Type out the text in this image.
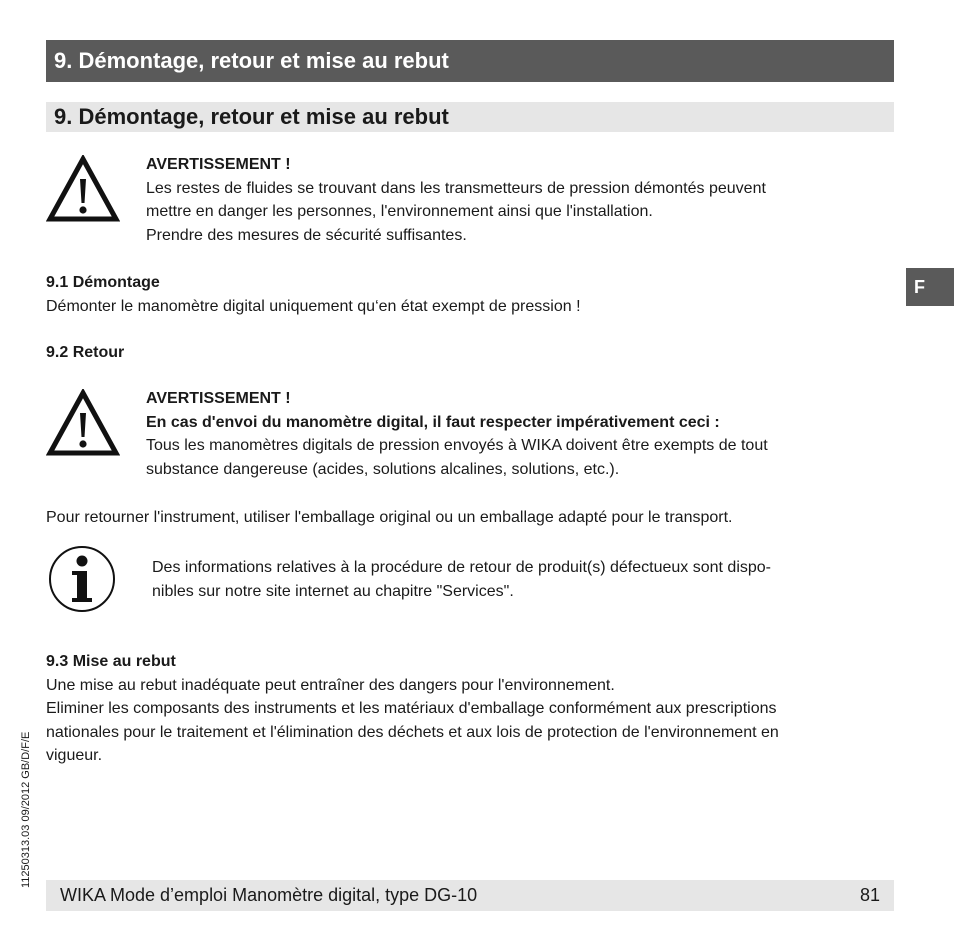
9. Démontage, retour et mise au rebut
9. Démontage, retour et mise au rebut
AVERTISSEMENT !
Les restes de fluides se trouvant dans les transmetteurs de pression démontés peuvent
mettre en danger les personnes, l'environnement ainsi que l'installation.
Prendre des mesures de sécurité suffisantes.
9.1 Démontage
Démonter le manomètre digital uniquement qu‘en état exempt de pression !
9.2 Retour
AVERTISSEMENT !
En cas d'envoi du manomètre digital, il faut respecter impérativement ceci :
Tous les manomètres digitals de pression envoyés à WIKA doivent être exempts de tout
substance dangereuse (acides, solutions alcalines, solutions, etc.).
Pour retourner l'instrument, utiliser l'emballage original ou un emballage adapté pour le transport.
Des informations relatives à la procédure de retour de produit(s) défectueux sont dispo-
nibles sur notre site internet au chapitre "Services".
9.3 Mise au rebut
Une mise au rebut inadéquate peut entraîner des dangers pour l'environnement.
Eliminer les composants des instruments et les matériaux d'emballage conformément aux prescriptions
nationales pour le traitement et l'élimination des déchets et aux lois de protection de l'environnement en
vigueur.
F
11250313.03 09/2012 GB/D/F/E
WIKA Mode d’emploi Manomètre digital, type DG-10	81
